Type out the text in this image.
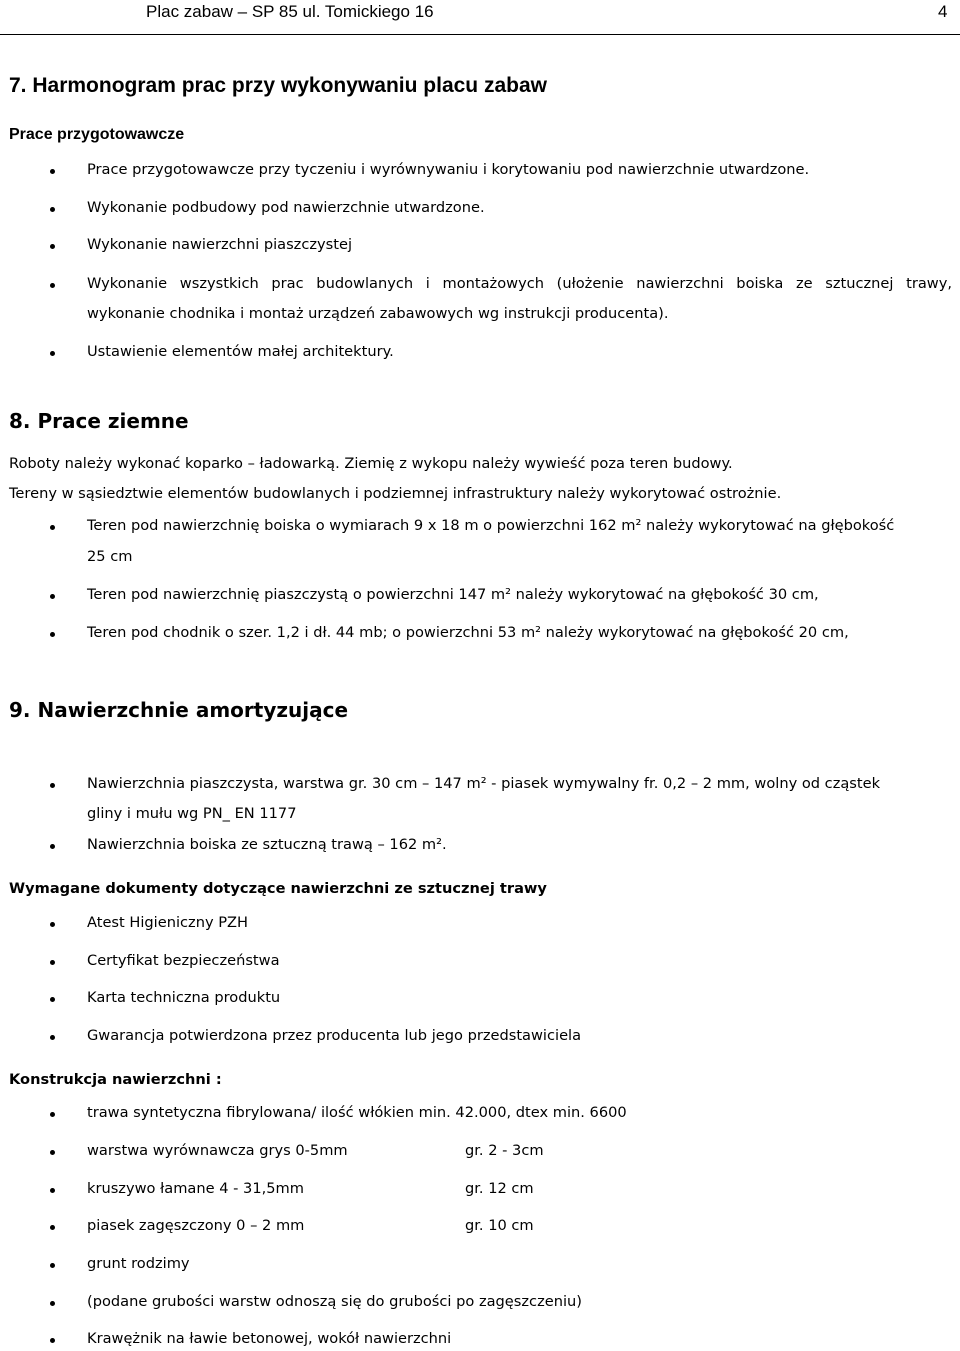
Plac zabaw – SP 85 ul. Tomickiego 16	4
7. Harmonogram prac przy wykonywaniu placu zabaw

Prace przygotowawcze

Prace przygotowawcze przy tyczeniu i wyrównywaniu i korytowaniu pod nawierzchnie utwardzone.

Wykonanie podbudowy pod nawierzchnie utwardzone.

Wykonanie nawierzchni piaszczystej

Wykonanie wszystkich prac budowlanych i montażowych (ułożenie nawierzchni boiska ze sztucznej trawy,

wykonanie chodnika i montaż urządzeń zabawowych wg instrukcji producenta).

Ustawienie elementów małej architektury.

8. Prace ziemne

Roboty należy wykonać koparko – ładowarką. Ziemię z wykopu należy wywieść poza teren budowy.

Tereny w sąsiedztwie elementów budowlanych i podziemnej infrastruktury należy wykorytować ostrożnie.

Teren pod nawierzchnię boiska o wymiarach 9 x 18 m o powierzchni 162 m² należy wykorytować na głębokość

25 cm

Teren pod nawierzchnię piaszczystą o powierzchni 147 m² należy wykorytować na głębokość 30 cm,

Teren pod chodnik o szer. 1,2 i dł. 44 mb; o powierzchni 53 m² należy wykorytować na głębokość 20 cm,

9. Nawierzchnie amortyzujące

Nawierzchnia piaszczysta, warstwa gr. 30 cm – 147 m² - piasek wymywalny fr. 0,2 – 2 mm, wolny od cząstek

gliny i mułu wg PN_ EN 1177

Nawierzchnia boiska ze sztuczną trawą – 162 m².

Wymagane dokumenty dotyczące nawierzchni ze sztucznej trawy

Atest Higieniczny PZH

Certyfikat bezpieczeństwa

Karta techniczna produktu

Gwarancja potwierdzona przez producenta lub jego przedstawiciela

Konstrukcja nawierzchni :

trawa syntetyczna fibrylowana/ ilość włókien min. 42.000, dtex min. 6600

warstwa wyrównawcza grys 0-5mm	gr. 2 - 3cm

kruszywo łamane 4 - 31,5mm	gr. 12 cm

piasek zagęszczony 0 – 2 mm	gr. 10 cm

grunt rodzimy

(podane grubości warstw odnoszą się do grubości po zagęszczeniu)

Krawężnik na ławie betonowej, wokół nawierzchni
